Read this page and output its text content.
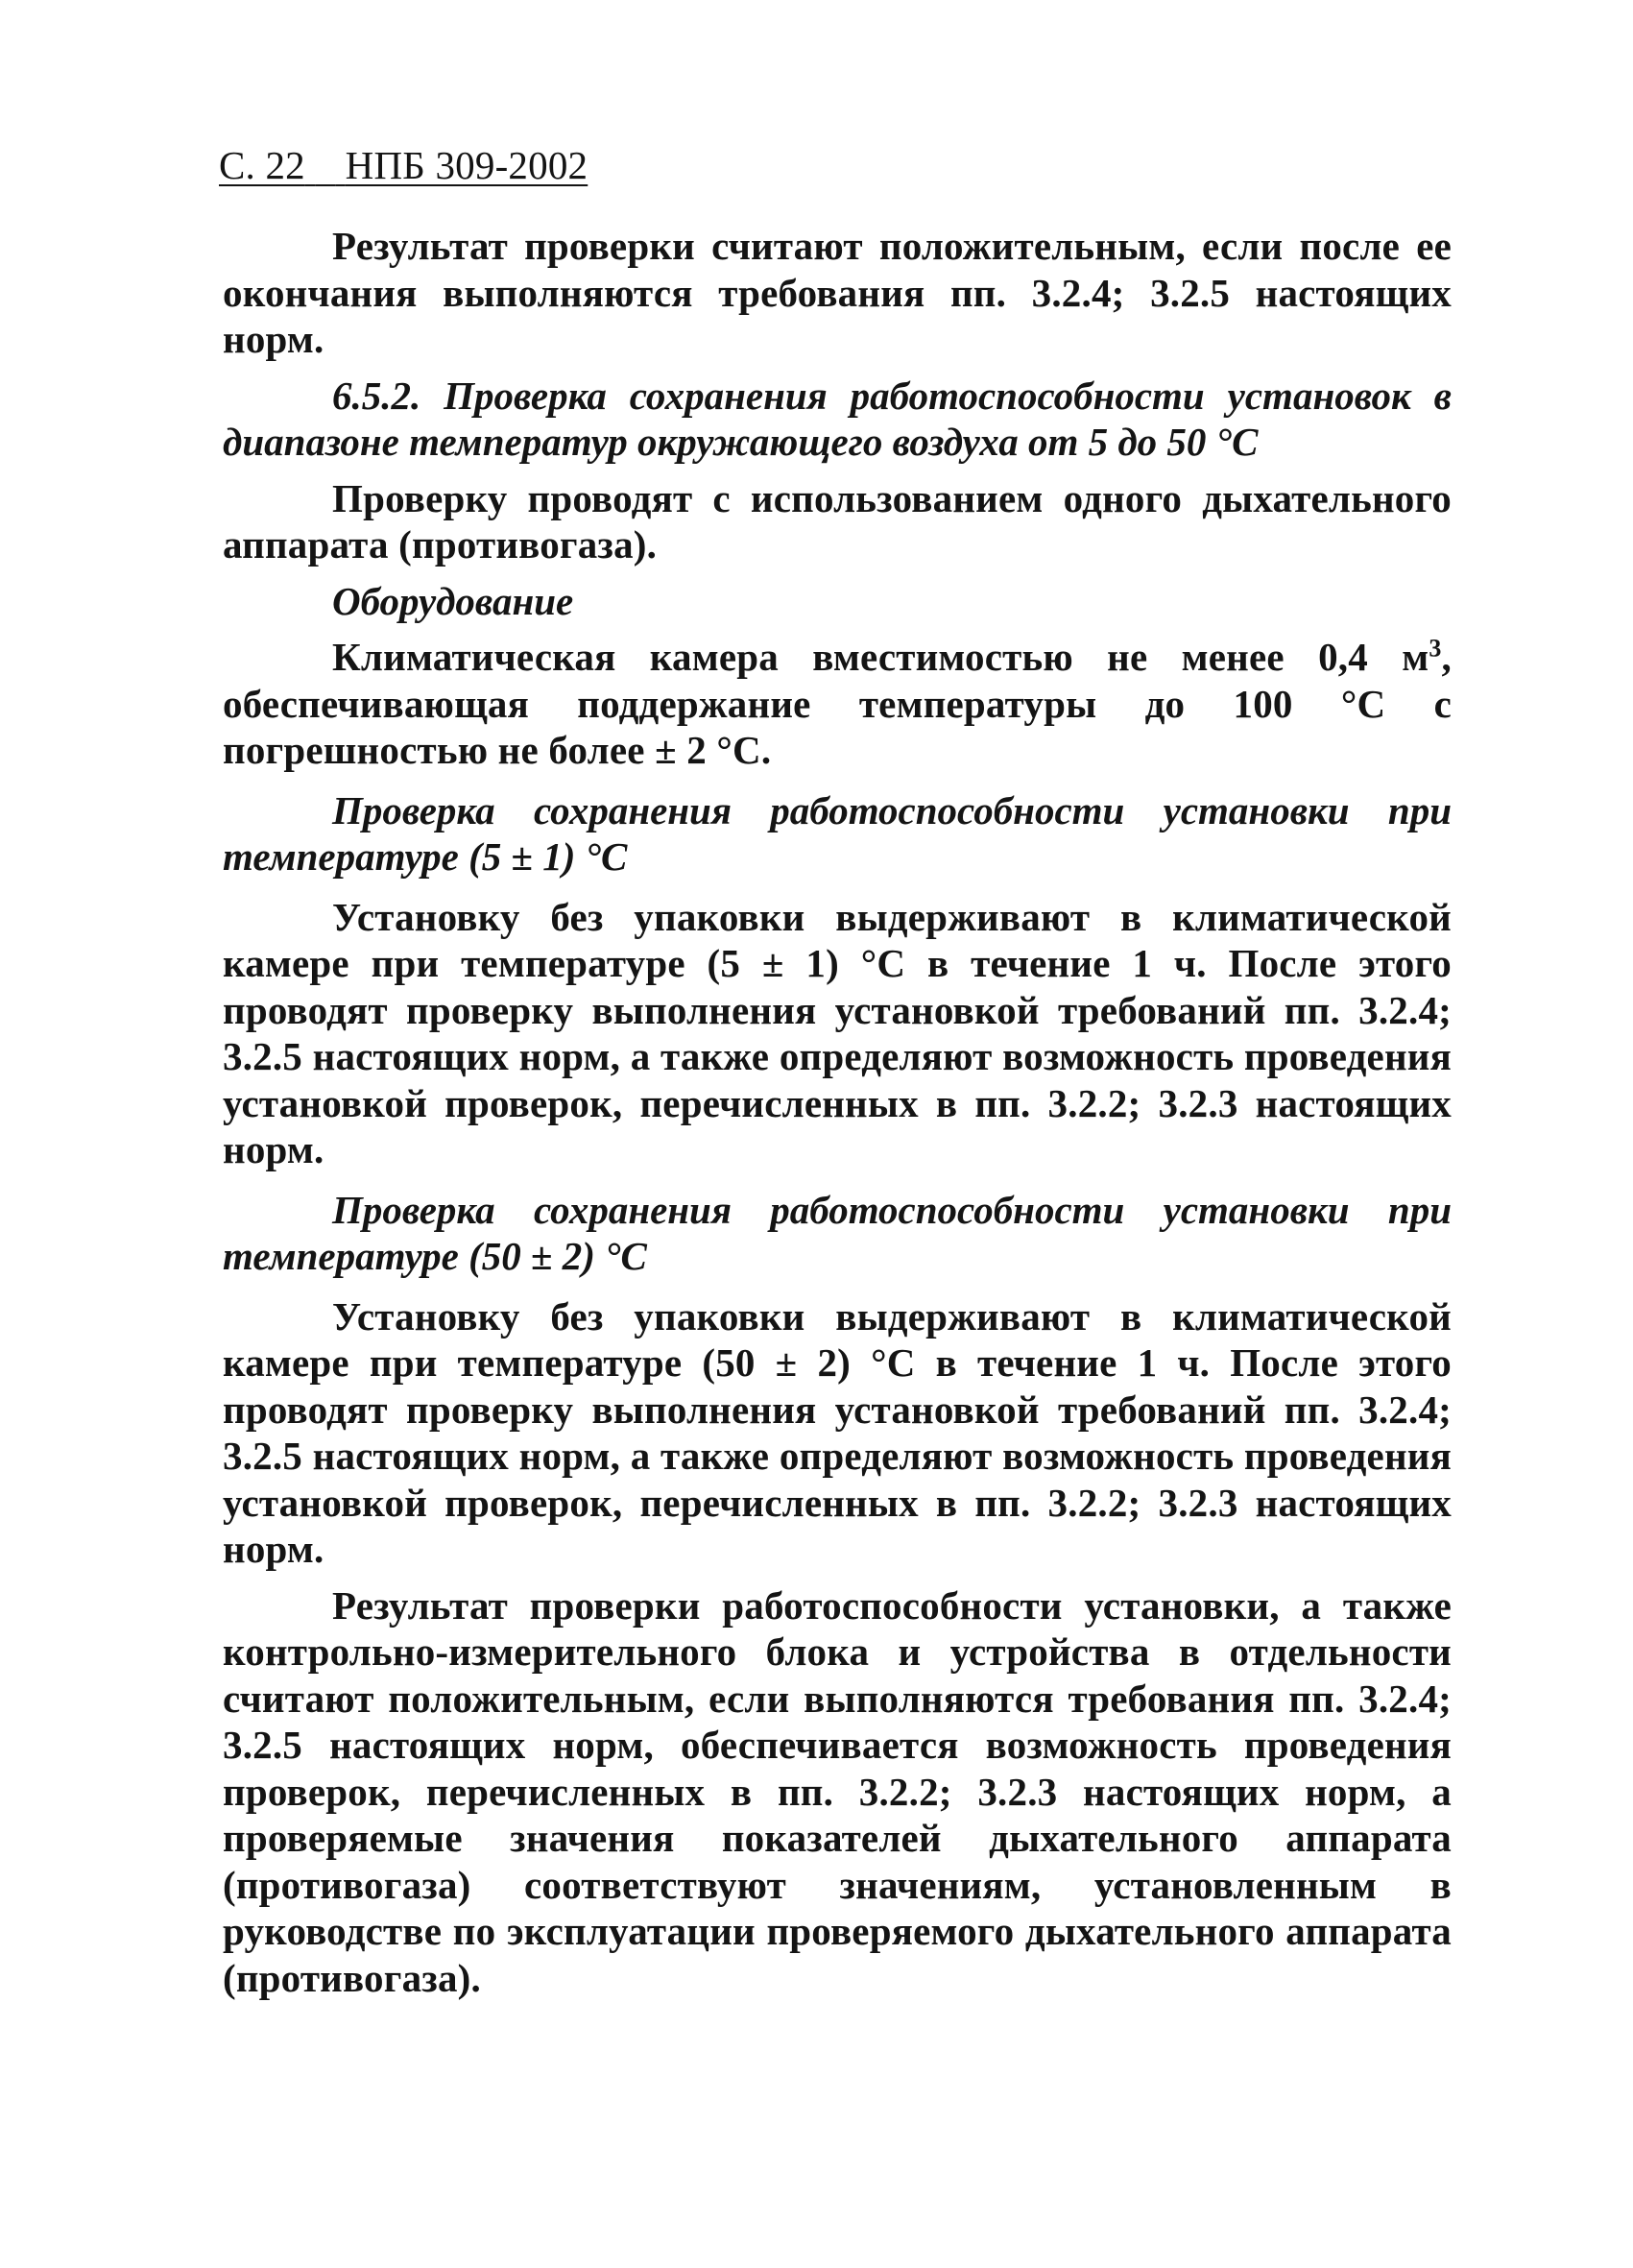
С. 22 НПБ 309-2002

Результат проверки считают положительным, если после ее окончания выполняются требования пп. 3.2.4; 3.2.5 настоящих норм.

6.5.2. Проверка сохранения работоспособности установок в диапазоне температур окружающего воздуха от 5 до 50 °С

Проверку проводят с использованием одного дыхательного аппарата (противогаза).

Оборудование

Климатическая камера вместимостью не менее 0,4 $м^3$, обеспечивающая поддержание температуры до 100 °С с погрешностью не более ± 2 °С.

Проверка сохранения работоспособности установки при температуре (5 ± 1) °С

Установку без упаковки выдерживают в климатической камере при температуре (5 ± 1) °С в течение 1 ч. После этого проводят проверку выполнения установкой требований пп. 3.2.4; 3.2.5 настоящих норм, а также определяют возможность проведения установкой проверок, перечисленных в пп. 3.2.2; 3.2.3 настоящих норм.

Проверка сохранения работоспособности установки при температуре (50 ± 2) °С

Установку без упаковки выдерживают в климатической камере при температуре (50 ± 2) °С в течение 1 ч. После этого проводят проверку выполнения установкой требований пп. 3.2.4; 3.2.5 настоящих норм, а также определяют возможность проведения установкой проверок, перечисленных в пп. 3.2.2; 3.2.3 настоящих норм.

Результат проверки работоспособности установки, а также контрольно-измерительного блока и устройства в отдельности считают положительным, если выполняются требования пп. 3.2.4; 3.2.5 настоящих норм, обеспечивается возможность проведения проверок, перечисленных в пп. 3.2.2; 3.2.3 настоящих норм, а проверяемые значения показателей дыхательного аппарата (противогаза) соответствуют значениям, установленным в руководстве по эксплуатации проверяемого дыхательного аппарата (противогаза).
